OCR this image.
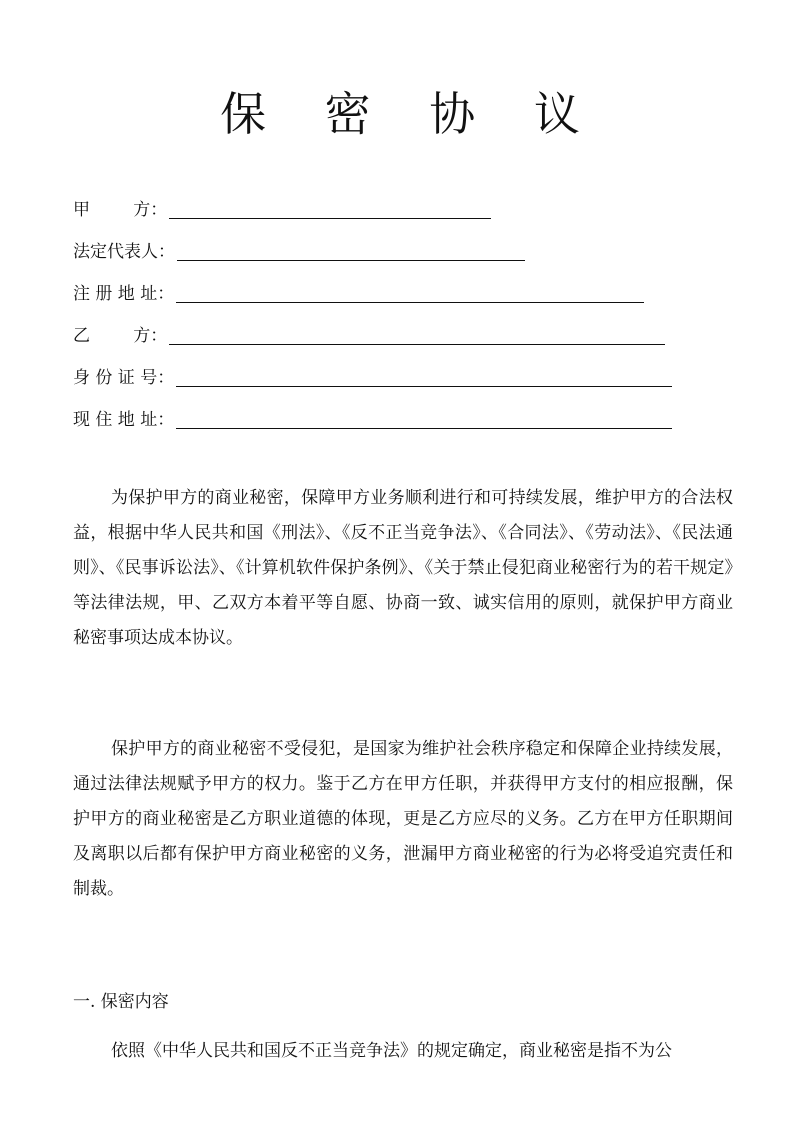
保 密 协 议
甲        方：
法定代表人：
注 册 地 址：
乙        方：
身 份 证 号：
现 住 地 址：

为保护甲方的商业秘密，保障甲方业务顺利进行和可持续发展，维护甲方的合法权益，根据中华人民共和国《刑法》、《反不正当竞争法》、《合同法》、《劳动法》、《民法通则》、《民事诉讼法》、《计算机软件保护条例》、《关于禁止侵犯商业秘密行为的若干规定》等法律法规，甲、乙双方本着平等自愿、协商一致、诚实信用的原则，就保护甲方商业秘密事项达成本协议。

保护甲方的商业秘密不受侵犯，是国家为维护社会秩序稳定和保障企业持续发展，通过法律法规赋予甲方的权力。鉴于乙方在甲方任职，并获得甲方支付的相应报酬，保护甲方的商业秘密是乙方职业道德的体现，更是乙方应尽的义务。乙方在甲方任职期间及离职以后都有保护甲方商业秘密的义务，泄漏甲方商业秘密的行为必将受追究责任和制裁。

一. 保密内容
依照《中华人民共和国反不正当竞争法》的规定确定，商业秘密是指不为公
